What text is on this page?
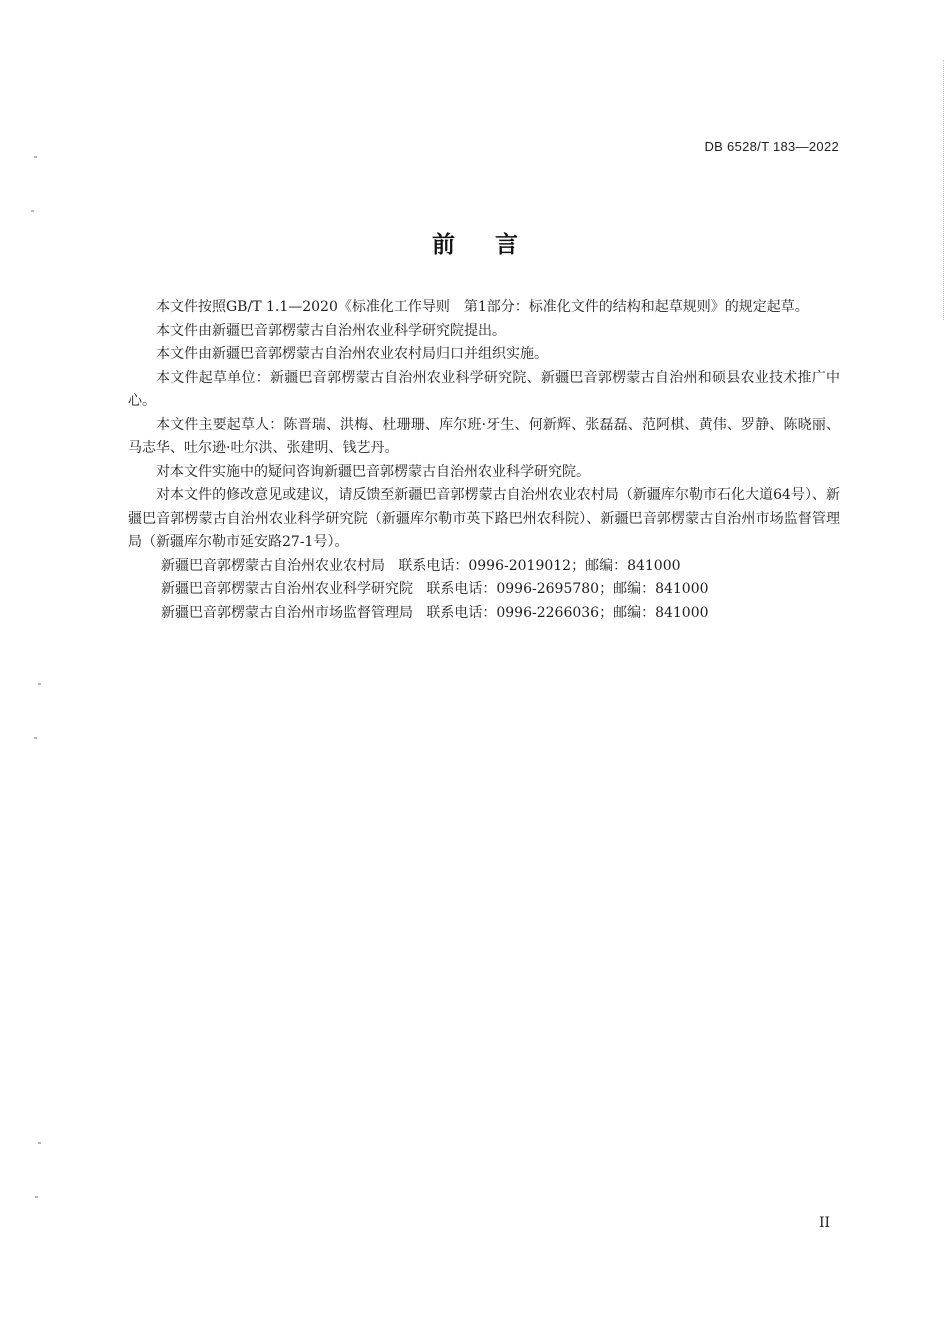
DB 6528/T 183—2022
前言

本文件按照GB/T 1.1—2020《标准化工作导则　第1部分：标准化文件的结构和起草规则》的规定起草。

本文件由新疆巴音郭楞蒙古自治州农业科学研究院提出。

本文件由新疆巴音郭楞蒙古自治州农业农村局归口并组织实施。

本文件起草单位：新疆巴音郭楞蒙古自治州农业科学研究院、新疆巴音郭楞蒙古自治州和硕县农业技术推广中心。

本文件主要起草人：陈晋瑞、洪梅、杜珊珊、库尔班·牙生、何新辉、张磊磊、范阿棋、黄伟、罗静、陈晓丽、马志华、吐尔逊·吐尔洪、张建明、钱艺丹。

对本文件实施中的疑问咨询新疆巴音郭楞蒙古自治州农业科学研究院。

对本文件的修改意见或建议，请反馈至新疆巴音郭楞蒙古自治州农业农村局（新疆库尔勒市石化大道64号）、新疆巴音郭楞蒙古自治州农业科学研究院（新疆库尔勒市英下路巴州农科院）、新疆巴音郭楞蒙古自治州市场监督管理局（新疆库尔勒市延安路27-1号）。

新疆巴音郭楞蒙古自治州农业农村局 联系电话：0996-2019012；邮编：841000
新疆巴音郭楞蒙古自治州农业科学研究院 联系电话：0996-2695780；邮编：841000
新疆巴音郭楞蒙古自治州市场监督管理局 联系电话：0996-2266036；邮编：841000
II
